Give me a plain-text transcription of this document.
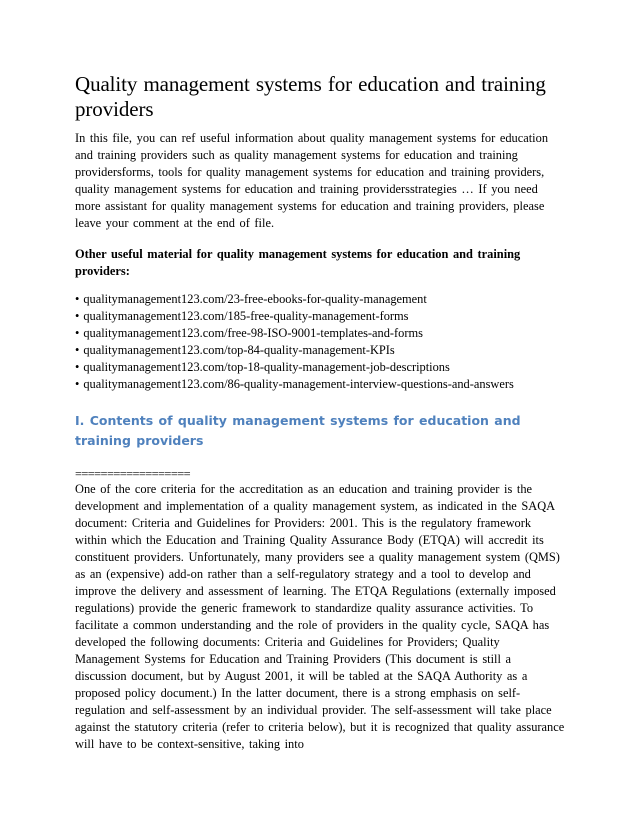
Quality management systems for education and training providers

In this file, you can ref useful information about quality management systems for education and training providers such as quality management systems for education and training providersforms, tools for quality management systems for education and training providers, quality management systems for education and training providersstrategies … If you need more assistant for quality management systems for education and training providers, please leave your comment at the end of file.

Other useful material for quality management systems for education and training providers:

• qualitymanagement123.com/23-free-ebooks-for-quality-management
• qualitymanagement123.com/185-free-quality-management-forms
• qualitymanagement123.com/free-98-ISO-9001-templates-and-forms
• qualitymanagement123.com/top-84-quality-management-KPIs
• qualitymanagement123.com/top-18-quality-management-job-descriptions
• qualitymanagement123.com/86-quality-management-interview-questions-and-answers
I. Contents of quality management systems for education and training providers

==================

One of the core criteria for the accreditation as an education and training provider is the development and implementation of a quality management system, as indicated in the SAQA document: Criteria and Guidelines for Providers: 2001. This is the regulatory framework within which the Education and Training Quality Assurance Body (ETQA) will accredit its constituent providers. Unfortunately, many providers see a quality management system (QMS) as an (expensive) add-on rather than a self-regulatory strategy and a tool to develop and improve the delivery and assessment of learning. The ETQA Regulations (externally imposed regulations) provide the generic framework to standardize quality assurance activities. To facilitate a common understanding and the role of providers in the quality cycle, SAQA has developed the following documents: Criteria and Guidelines for Providers; Quality Management Systems for Education and Training Providers (This document is still a discussion document, but by August 2001, it will be tabled at the SAQA Authority as a proposed policy document.) In the latter document, there is a strong emphasis on self-regulation and self-assessment by an individual provider. The self-assessment will take place against the statutory criteria (refer to criteria below), but it is recognized that quality assurance will have to be context-sensitive, taking into
